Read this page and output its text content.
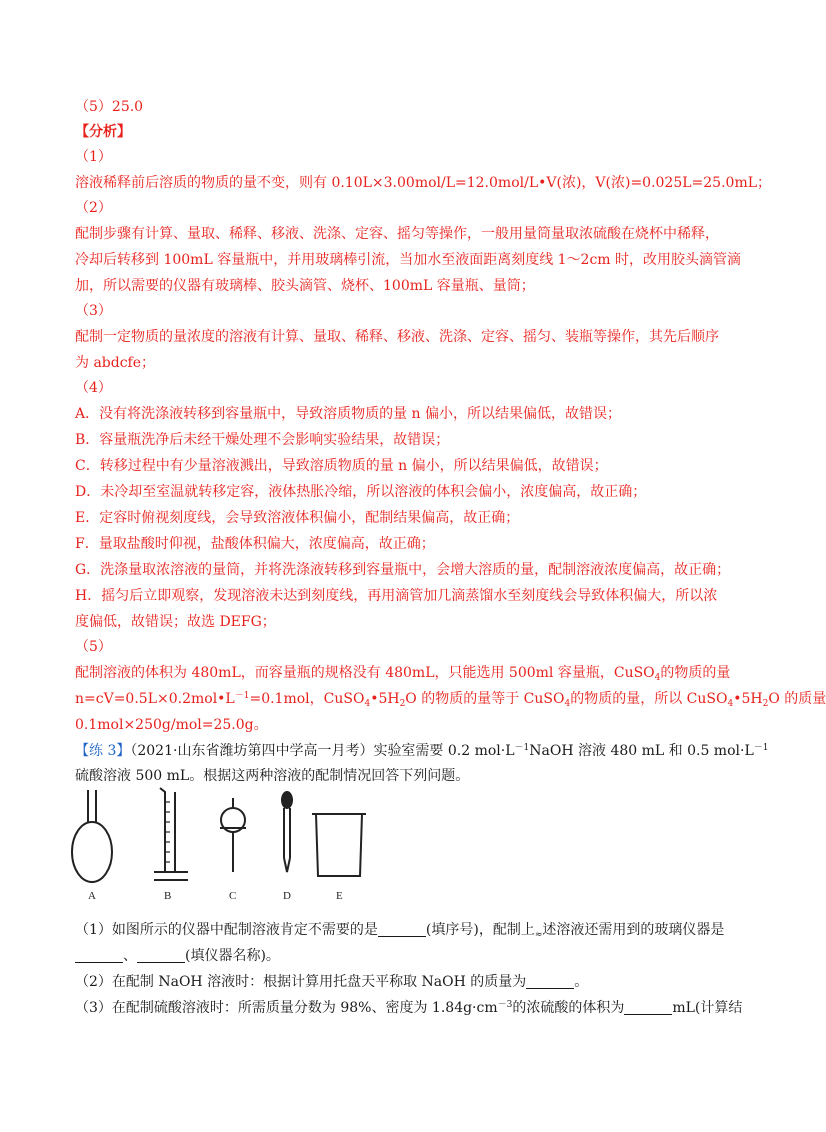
（5）25.0
【分析】
（1）
溶液稀释前后溶质的物质的量不变，则有 0.10L×3.00mol/L=12.0mol/L•V(浓)，V(浓)=0.025L=25.0mL；
（2）
配制步骤有计算、量取、稀释、移液、洗涤、定容、摇匀等操作，一般用量筒量取浓硫酸在烧杯中稀释，
冷却后转移到 100mL 容量瓶中，并用玻璃棒引流，当加水至液面距离刻度线 1～2cm 时，改用胶头滴管滴
加，所以需要的仪器有玻璃棒、胶头滴管、烧杯、100mL 容量瓶、量筒；
（3）
配制一定物质的量浓度的溶液有计算、量取、稀释、移液、洗涤、定容、摇匀、装瓶等操作，其先后顺序
为 abdcfe；
（4）
A．没有将洗涤液转移到容量瓶中，导致溶质物质的量 n 偏小，所以结果偏低，故错误；
B．容量瓶洗净后未经干燥处理不会影响实验结果，故错误；
C．转移过程中有少量溶液溅出，导致溶质物质的量 n 偏小，所以结果偏低，故错误；
D．未冷却至室温就转移定容，液体热胀冷缩，所以溶液的体积会偏小，浓度偏高，故正确；
E．定容时俯视刻度线，会导致溶液体积偏小，配制结果偏高，故正确；
F．量取盐酸时仰视，盐酸体积偏大，浓度偏高，故正确；
G．洗涤量取浓溶液的量筒，并将洗涤液转移到容量瓶中，会增大溶质的量，配制溶液浓度偏高，故正确；
H．摇匀后立即观察，发现溶液未达到刻度线，再用滴管加几滴蒸馏水至刻度线会导致体积偏大，所以浓
度偏低，故错误；故选 DEFG；
（5）
配制溶液的体积为 480mL，而容量瓶的规格没有 480mL，只能选用 500ml 容量瓶，CuSO$_4$的物质的量
$n=cV=0.5L\times 0.2mol•L^{-1}=0.1mol$，$CuSO_4•5H_2O$ 的物质的量等于 CuSO$_4$的物质的量，所以 $CuSO_4•5H_2O$ 的质量
0.1mol×250g/mol=25.0g。
【练 3】（2021·山东省潍坊第四中学高一月考）实验室需要 0.2 $mol\cdot L^{-1}NaOH$ 溶液 480 mL 和 0.5 $mol\cdot L^{-1}$
硫酸溶液 500 mL。根据这两种溶液的配制情况回答下列问题。
A	B	C	D	E
（1）如图所示的仪器中配制溶液肯定不需要的是	(填序号)，配制上$_\approx$述溶液还需用到的玻璃仪器是
、	(填仪器名称)。
（2）在配制 NaOH 溶液时：根据计算用托盘天平称取 NaOH 的质量为	。
（3）在配制硫酸溶液时：所需质量分数为 98%、密度为 $1.84g\cdot cm^{-3}$的浓硫酸的体积为	mL(计算结
